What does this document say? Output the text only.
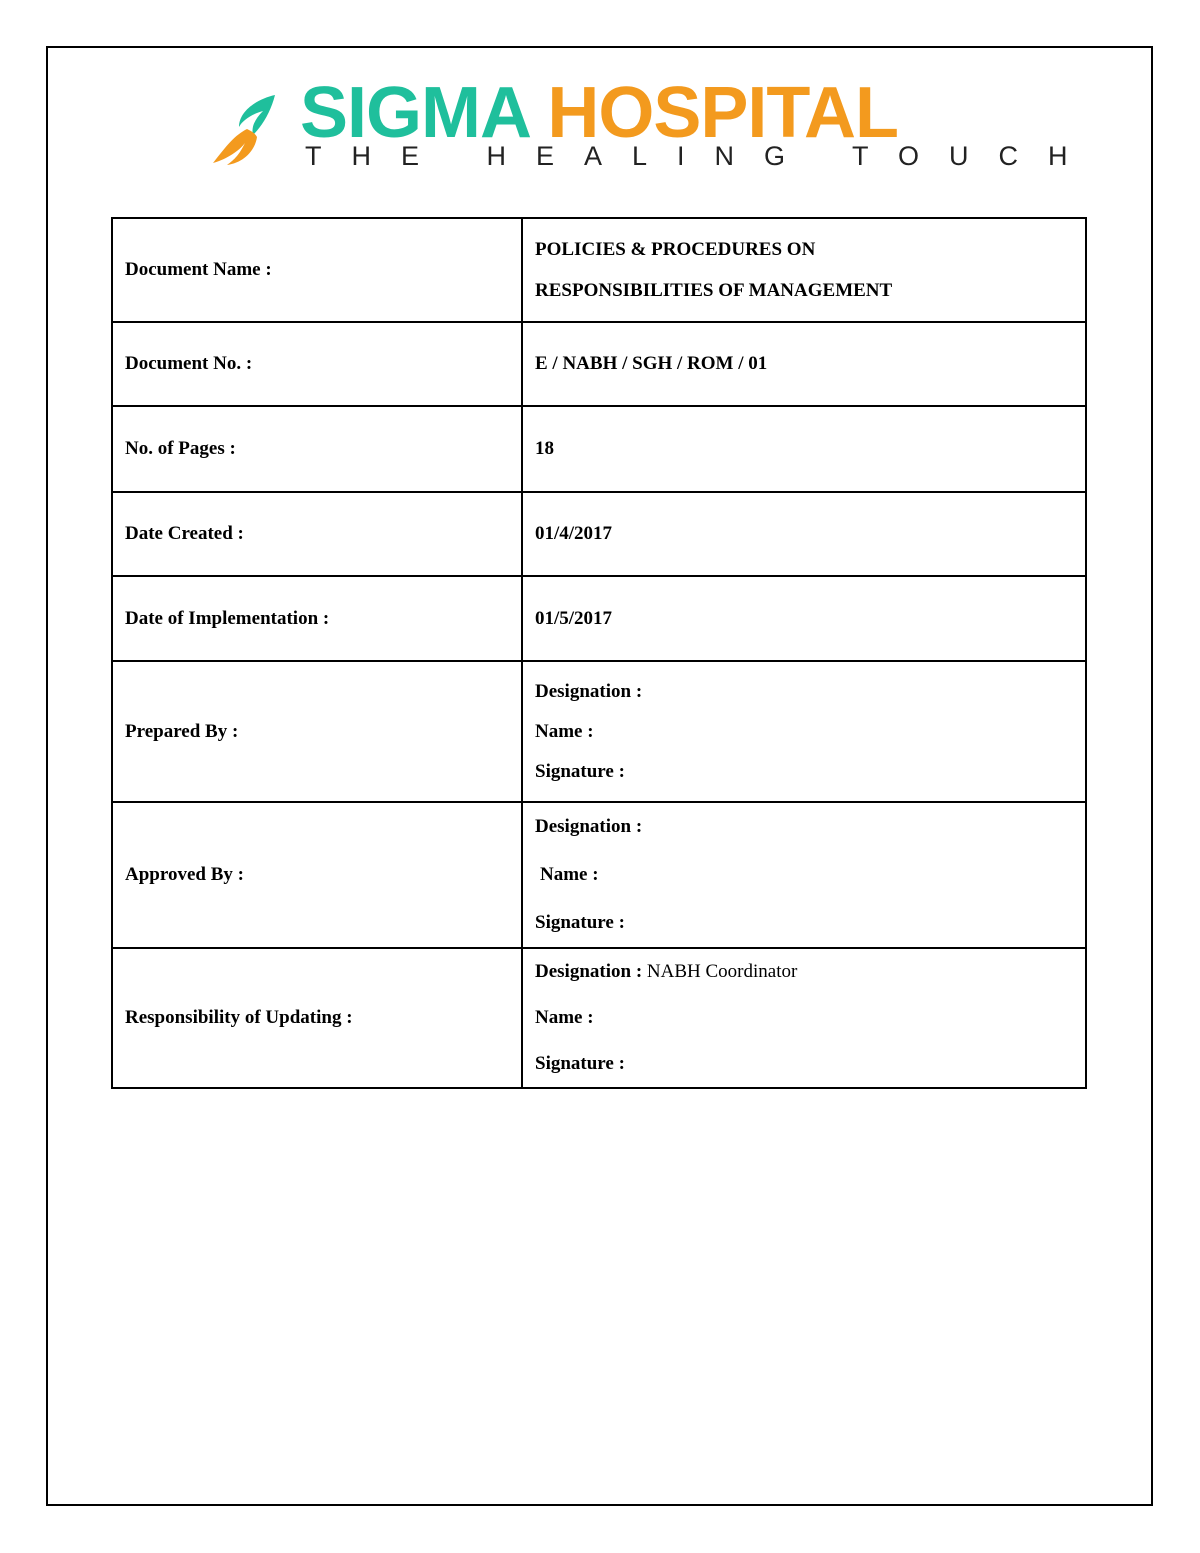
SIGMA HOSPITAL
THE HEALING TOUCH
Document Name :	POLICIES & PROCEDURES ON
RESPONSIBILITIES OF MANAGEMENT

Document No. :	E / NABH / SGH / ROM / 01
No. of Pages :	18
Date Created :	01/4/2017
Date of Implementation :	01/5/2017
Prepared By :	Designation :
Name :
Signature :

Approved By :	Designation :
Name :
Signature :

Responsibility of Updating :	Designation : NABH Coordinator
Name :
Signature :
